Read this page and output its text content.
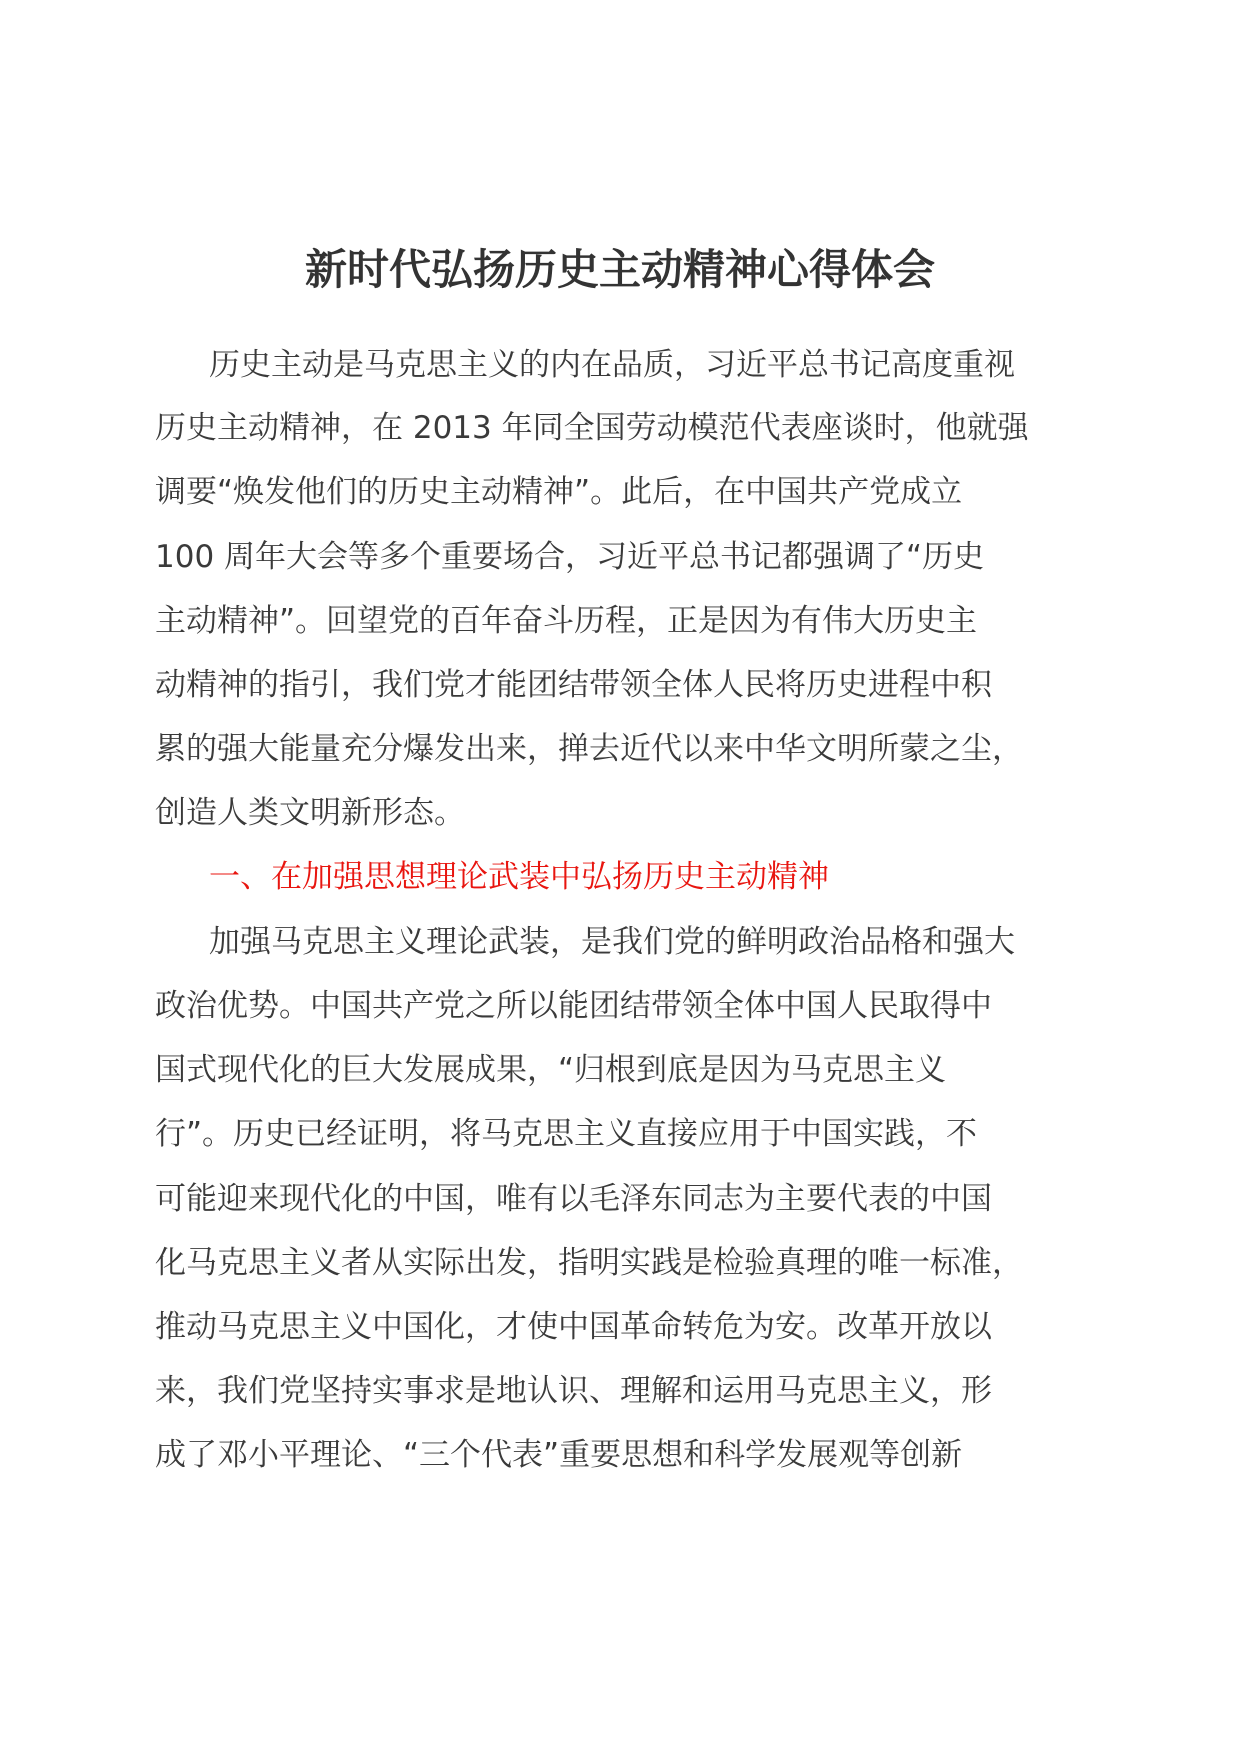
新时代弘扬历史主动精神心得体会
历史主动是马克思主义的内在品质，习近平总书记高度重视
历史主动精神，在 2013 年同全国劳动模范代表座谈时，他就强
调要“焕发他们的历史主动精神”。此后，在中国共产党成立
100 周年大会等多个重要场合，习近平总书记都强调了“历史
主动精神”。回望党的百年奋斗历程，正是因为有伟大历史主
动精神的指引，我们党才能团结带领全体人民将历史进程中积
累的强大能量充分爆发出来，掸去近代以来中华文明所蒙之尘，
创造人类文明新形态。
一、在加强思想理论武装中弘扬历史主动精神
加强马克思主义理论武装，是我们党的鲜明政治品格和强大
政治优势。中国共产党之所以能团结带领全体中国人民取得中
国式现代化的巨大发展成果，“归根到底是因为马克思主义
行”。历史已经证明，将马克思主义直接应用于中国实践，不
可能迎来现代化的中国，唯有以毛泽东同志为主要代表的中国
化马克思主义者从实际出发，指明实践是检验真理的唯一标准，
推动马克思主义中国化，才使中国革命转危为安。改革开放以
来，我们党坚持实事求是地认识、理解和运用马克思主义，形
成了邓小平理论、“三个代表”重要思想和科学发展观等创新
